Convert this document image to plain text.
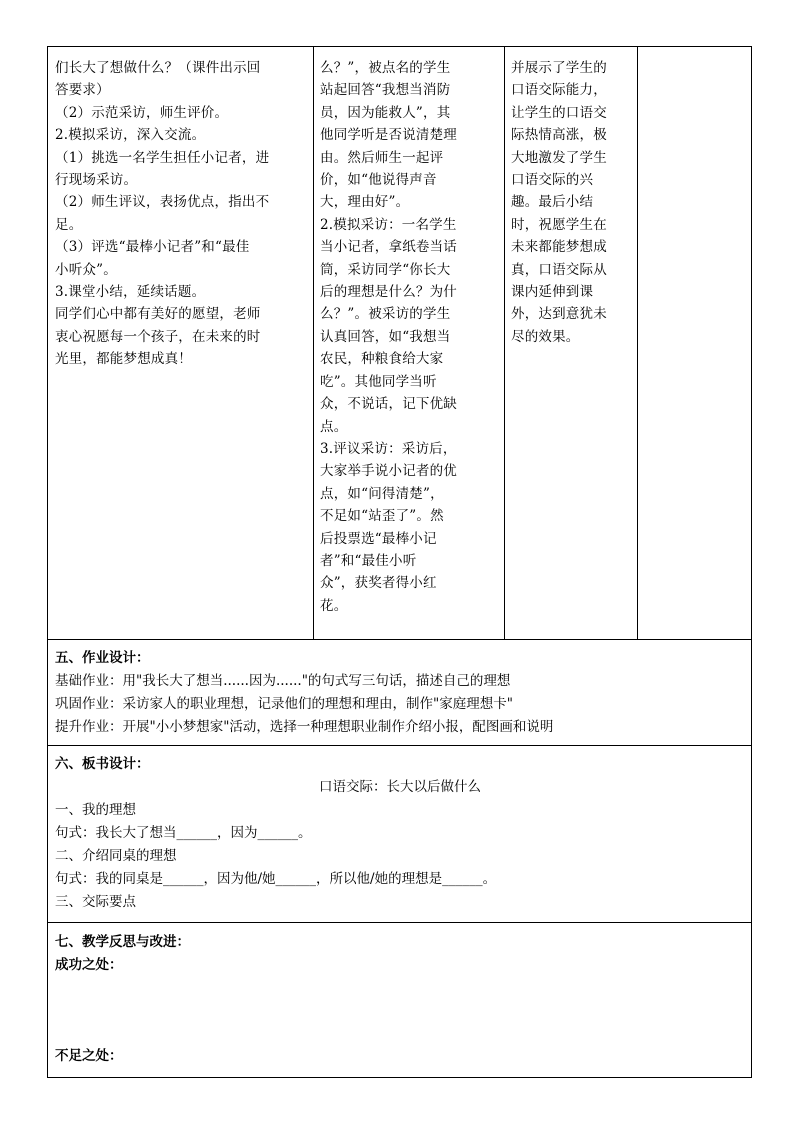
们长大了想做什么？（课件出示回

答要求）

（2）示范采访，师生评价。

2.模拟采访，深入交流。

（1）挑选一名学生担任小记者，进

行现场采访。

（2）师生评议，表扬优点，指出不

足。

（3）评选“最棒小记者”和“最佳

小听众”。

3.课堂小结，延续话题。

同学们心中都有美好的愿望，老师

衷心祝愿每一个孩子，在未来的时

光里，都能梦想成真！

么？”，被点名的学生

站起回答“我想当消防

员，因为能救人”，其

他同学听是否说清楚理

由。然后师生一起评

价，如“他说得声音

大，理由好”。

2.模拟采访：一名学生

当小记者，拿纸卷当话

筒，采访同学“你长大

后的理想是什么？为什

么？”。被采访的学生

认真回答，如“我想当

农民，种粮食给大家

吃”。其他同学当听

众，不说话，记下优缺

点。

3.评议采访：采访后，

大家举手说小记者的优

点，如“问得清楚”，

不足如“站歪了”。然

后投票选“最棒小记

者”和“最佳小听

众”，获奖者得小红

花。

并展示了学生的

口语交际能力，

让学生的口语交

际热情高涨，极

大地激发了学生

口语交际的兴

趣。最后小结

时，祝愿学生在

未来都能梦想成

真，口语交际从

课内延伸到课

外，达到意犹未

尽的效果。

五、作业设计：

基础作业：用"我长大了想当......因为......"的句式写三句话，描述自己的理想

巩固作业：采访家人的职业理想，记录他们的理想和理由，制作"家庭理想卡"

提升作业：开展"小小梦想家"活动，选择一种理想职业制作介绍小报，配图画和说明

六、板书设计：

口语交际：长大以后做什么

一、我的理想

句式：我长大了想当______，因为______。

二、介绍同桌的理想

句式：我的同桌是______，因为他/她______，所以他/她的理想是______。

三、交际要点

七、教学反思与改进：

成功之处：

不足之处：
